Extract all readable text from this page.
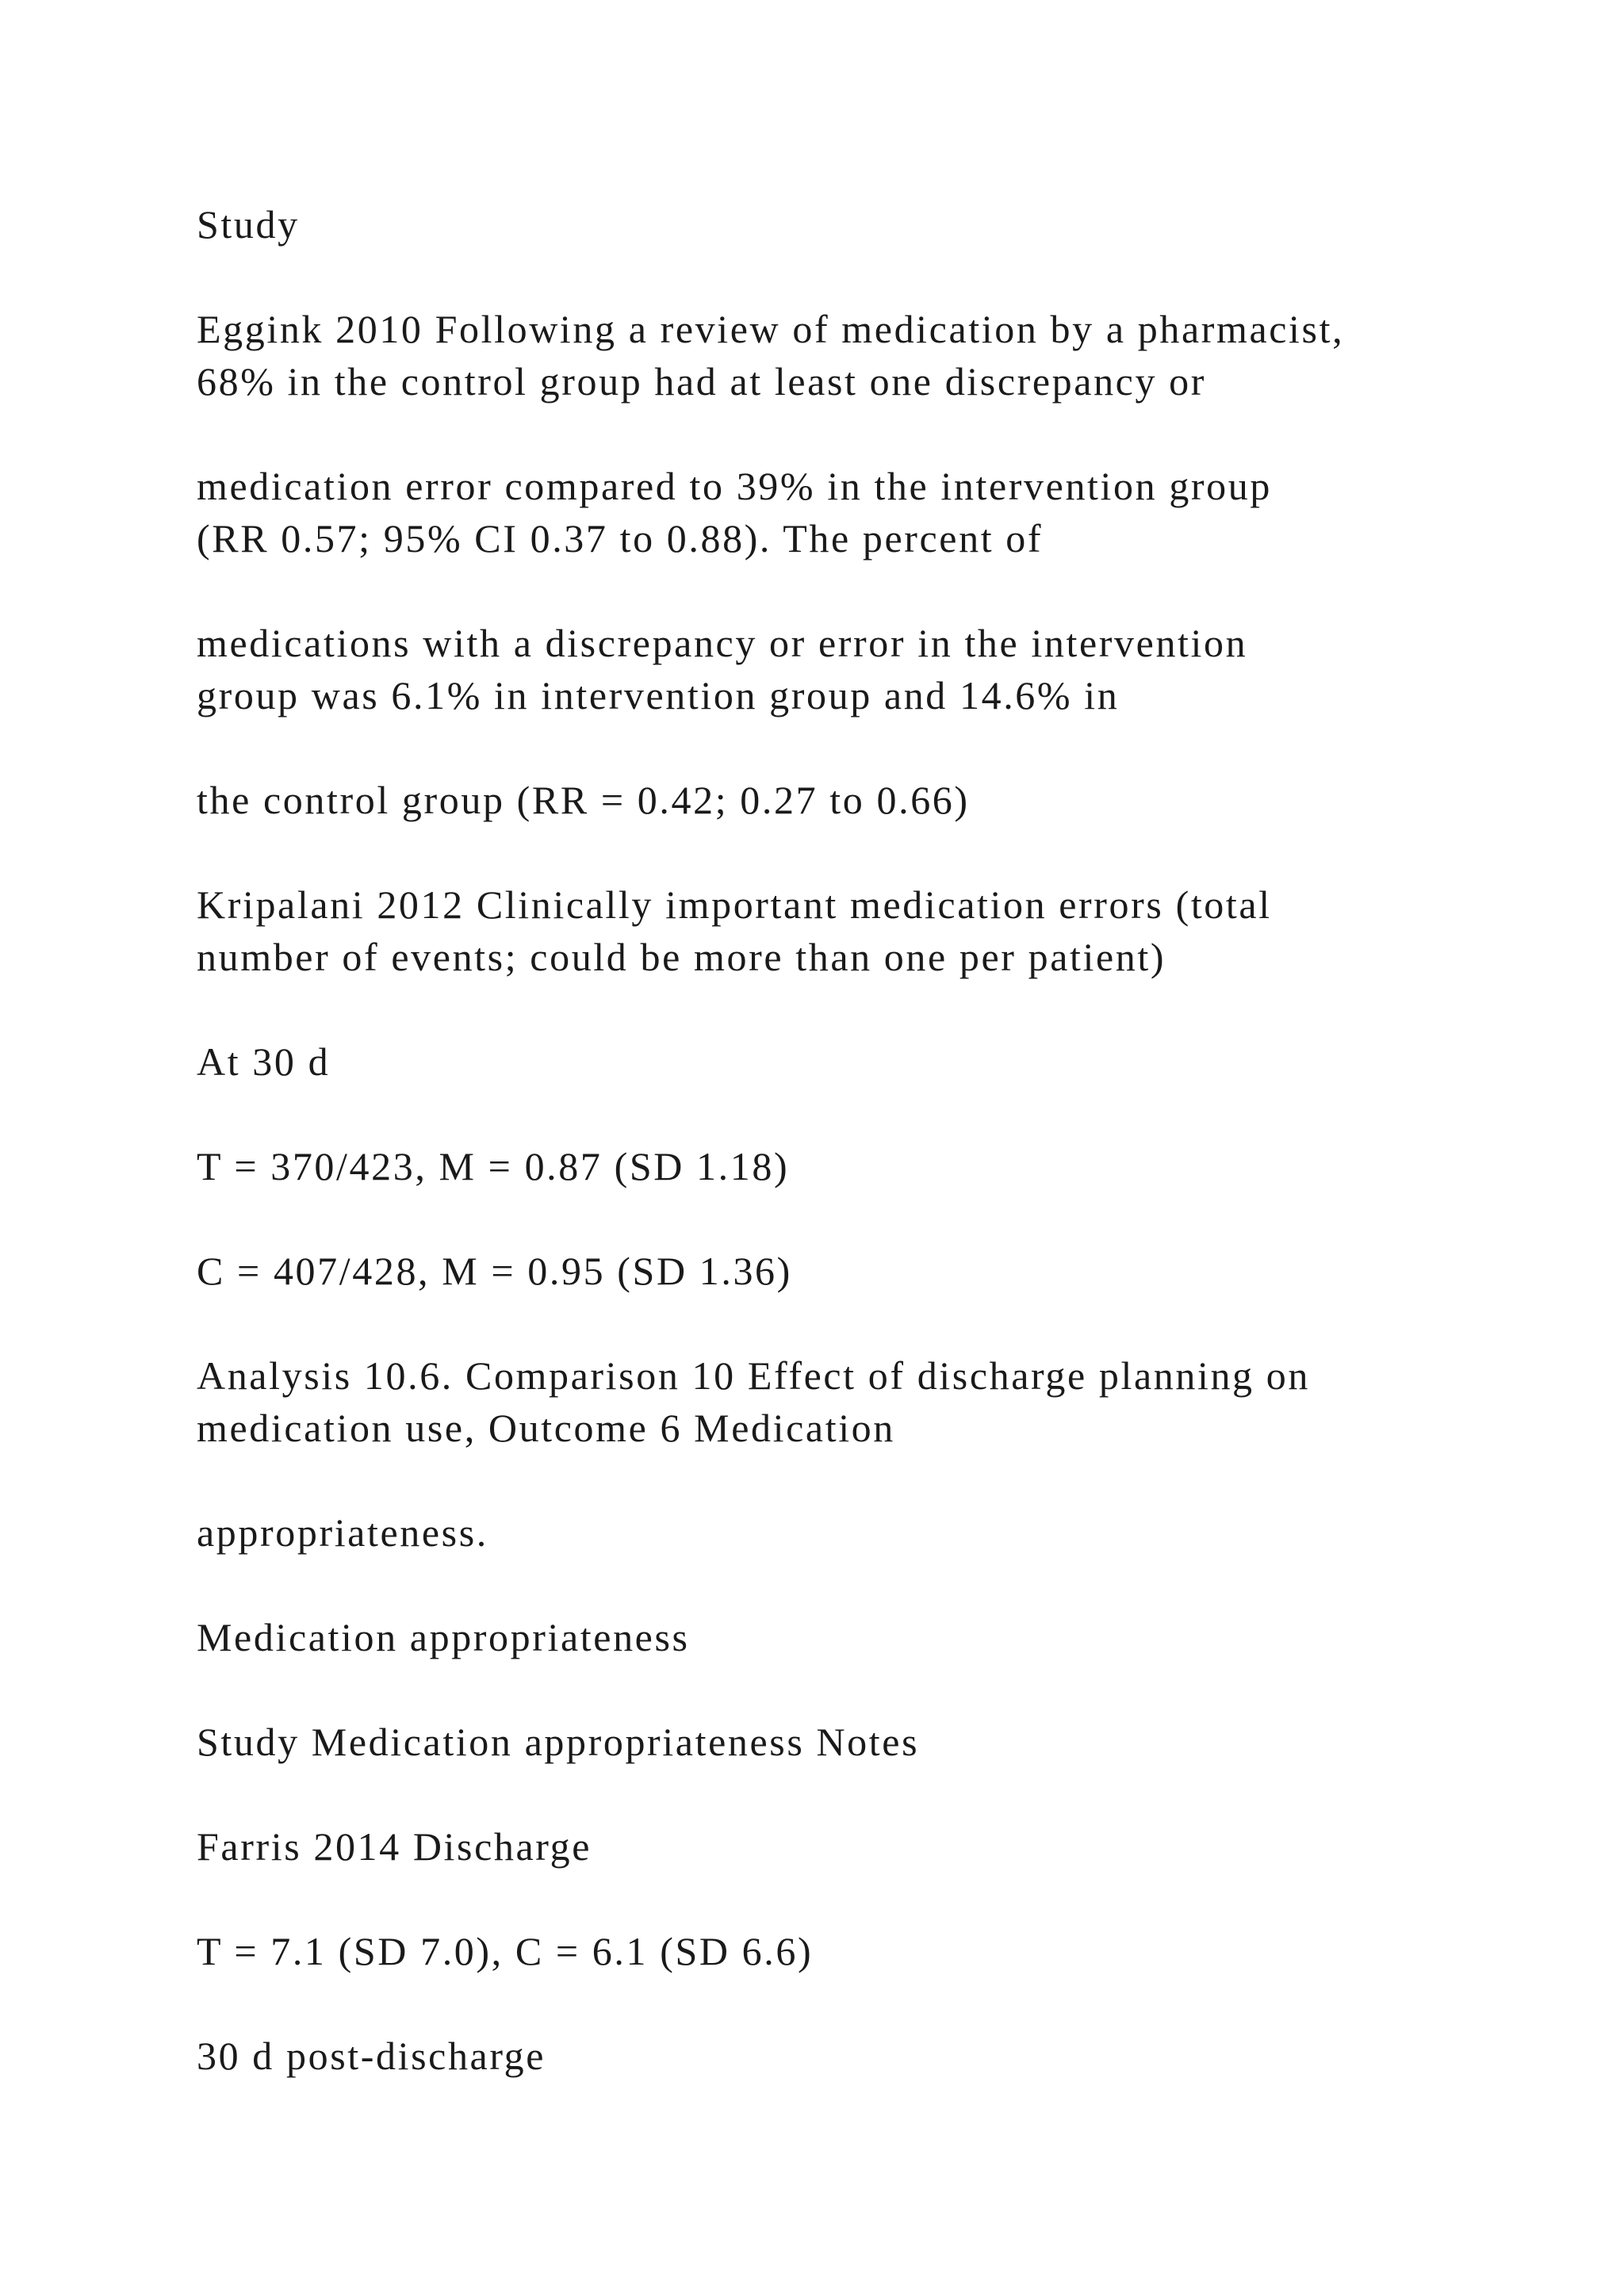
Study

Eggink 2010 Following a review of medication by a pharmacist,

68% in the control group had at least one discrepancy or

medication error compared to 39% in the intervention group

(RR 0.57; 95% CI 0.37 to 0.88). The percent of

medications with a discrepancy or error in the intervention

group was 6.1% in intervention group and 14.6% in

the control group (RR = 0.42; 0.27 to 0.66)

Kripalani 2012 Clinically important medication errors (total

number of events; could be more than one per patient)

At 30 d

T = 370/423, M = 0.87 (SD 1.18)

C = 407/428, M = 0.95 (SD 1.36)

Analysis 10.6. Comparison 10 Effect of discharge planning on

medication use, Outcome 6 Medication

appropriateness.

Medication appropriateness

Study Medication appropriateness Notes

Farris 2014 Discharge

T = 7.1 (SD 7.0), C = 6.1 (SD 6.6)

30 d post-discharge
